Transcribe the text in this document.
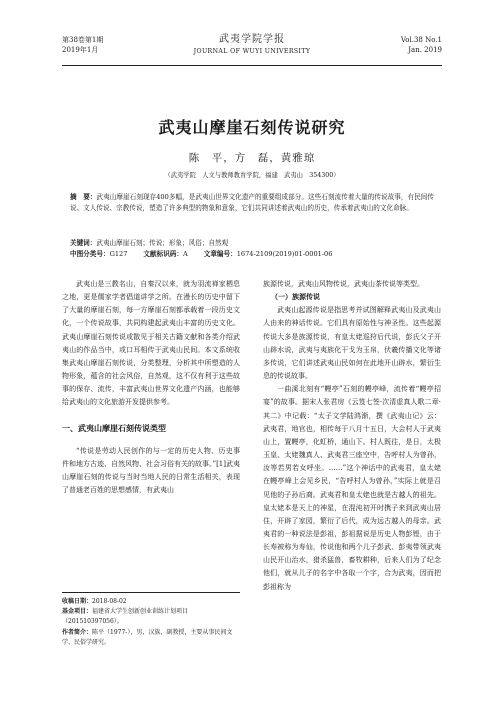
第38卷第1期
2019年1月
武夷学院学报
JOURNAL OF WUYI UNIVERSITY
Vol.38 No.1
Jan. 2019
武夷山摩崖石刻传说研究
陈　平，方　磊，黄雅琼
（武夷学院　人文与教师教育学院，福建　武夷山　354300）
摘　要：武夷山摩崖石刻现存400多幅，是武夷山世界文化遗产的重要组成部分。这些石刻流传着大量的传说故事，有民间传说、文人传说、宗教传说，塑造了许多典型的物象和意象，它们共同讲述着武夷山的历史，传承着武夷山的文化命脉。
关键词：武夷山摩崖石刻；传说；形象；风俗；自然观
中图分类号：G127 文献标识码：A 文章编号：1674-2109(2019)01-0001-06

武夷山是三教名山，自秦汉以来，就为羽流禅家栖息之地，更是儒家学者倡道讲学之所。在漫长的历史中留下了大量的摩崖石刻，每一方摩崖石刻都承载着一段历史文化，一个传说故事，共同构建起武夷山丰富的历史文化。武夷山摩崖石刻传说或散见于相关古籍文献和各类介绍武夷山的作品当中，或口耳相传于武夷山民间。本文系统收集武夷山摩崖石刻传说，分类整理，分析其中所塑造的人物形象，蕴含的社会风俗，自然观，这不仅有利于这些故事的保存、流传，丰富武夷山世界文化遗产内涵，也能够给武夷山的文化旅游开发提供参考。

一、武夷山摩崖石刻传说类型

“传说是劳动人民创作的与一定的历史人物、历史事件和地方古迹、自然风物、社会习俗有关的故事。”[1]武夷山摩崖石刻的传说与当时当地人民的日常生活相关，表现了普通老百姓的思想感情，有武夷山

族源传说，武夷山风物传说，武夷山茶传说等类型。

（一）族源传说

武夷山起源传说是指思考并试图解释武夷山及武夷山人由来的神话传说。它们具有原始性与神圣性。这些起源传说大多是族源传说，有皇太姥巡狩后代说，彭氏父子开山辟水说，武夷与夷族化干戈为玉帛，伏羲传播文化等诸多传说，它们讲述武夷山民如何在此地开山辟水，繁衍生息的传说故事。

一曲溪北刻有“幔亭”石刻的幔亭峰，流传着“幔亭招宴”的故事。据宋人张君房《云笈七签·次清虚真人歌二章·其二》中记载：“太子文学陆鸿渐，撰《武夷山记》云：武夷君，地官也，相传每于八月十五日，大会村人于武夷山上，置幔亭，化虹桥，通山下。村人既往，是日，太极玉皇、太姥魏真人、武夷君三座空中，告呼村人为曾孙，汝等若男若女呼坐。……”这个神话中的武夷君，皇太姥在幔亭峰上会见乡民，“告呼村人为曾孙，”实际上就是召见他的子孙后裔。武夷君和皇太姥也就是古越人的祖先。皇太姥本是天上的神星，在混沌初开时携子来到武夷山居住，开辟了家园，繁衍了后代，成为远古越人的母亲。武夷君的一种说法是彭祖，彭祖据说是历史人物彭铿，由于长寿被称为寿仙，传说他和两个儿子彭武、彭夷带领武夷山民开山治水，猎杀猛兽，畜牧耕种，后来人们为了纪念他们，就从儿子的名字中各取一个字，合为武夷，因而把彭祖称为

收稿日期：2018-08-02
基金项目：福建省大学生创新创业训练计划项目（201510397056）。
作者简介：陈平（1977-），男，汉族，副教授，主要从事民间文学、民俗学研究。
